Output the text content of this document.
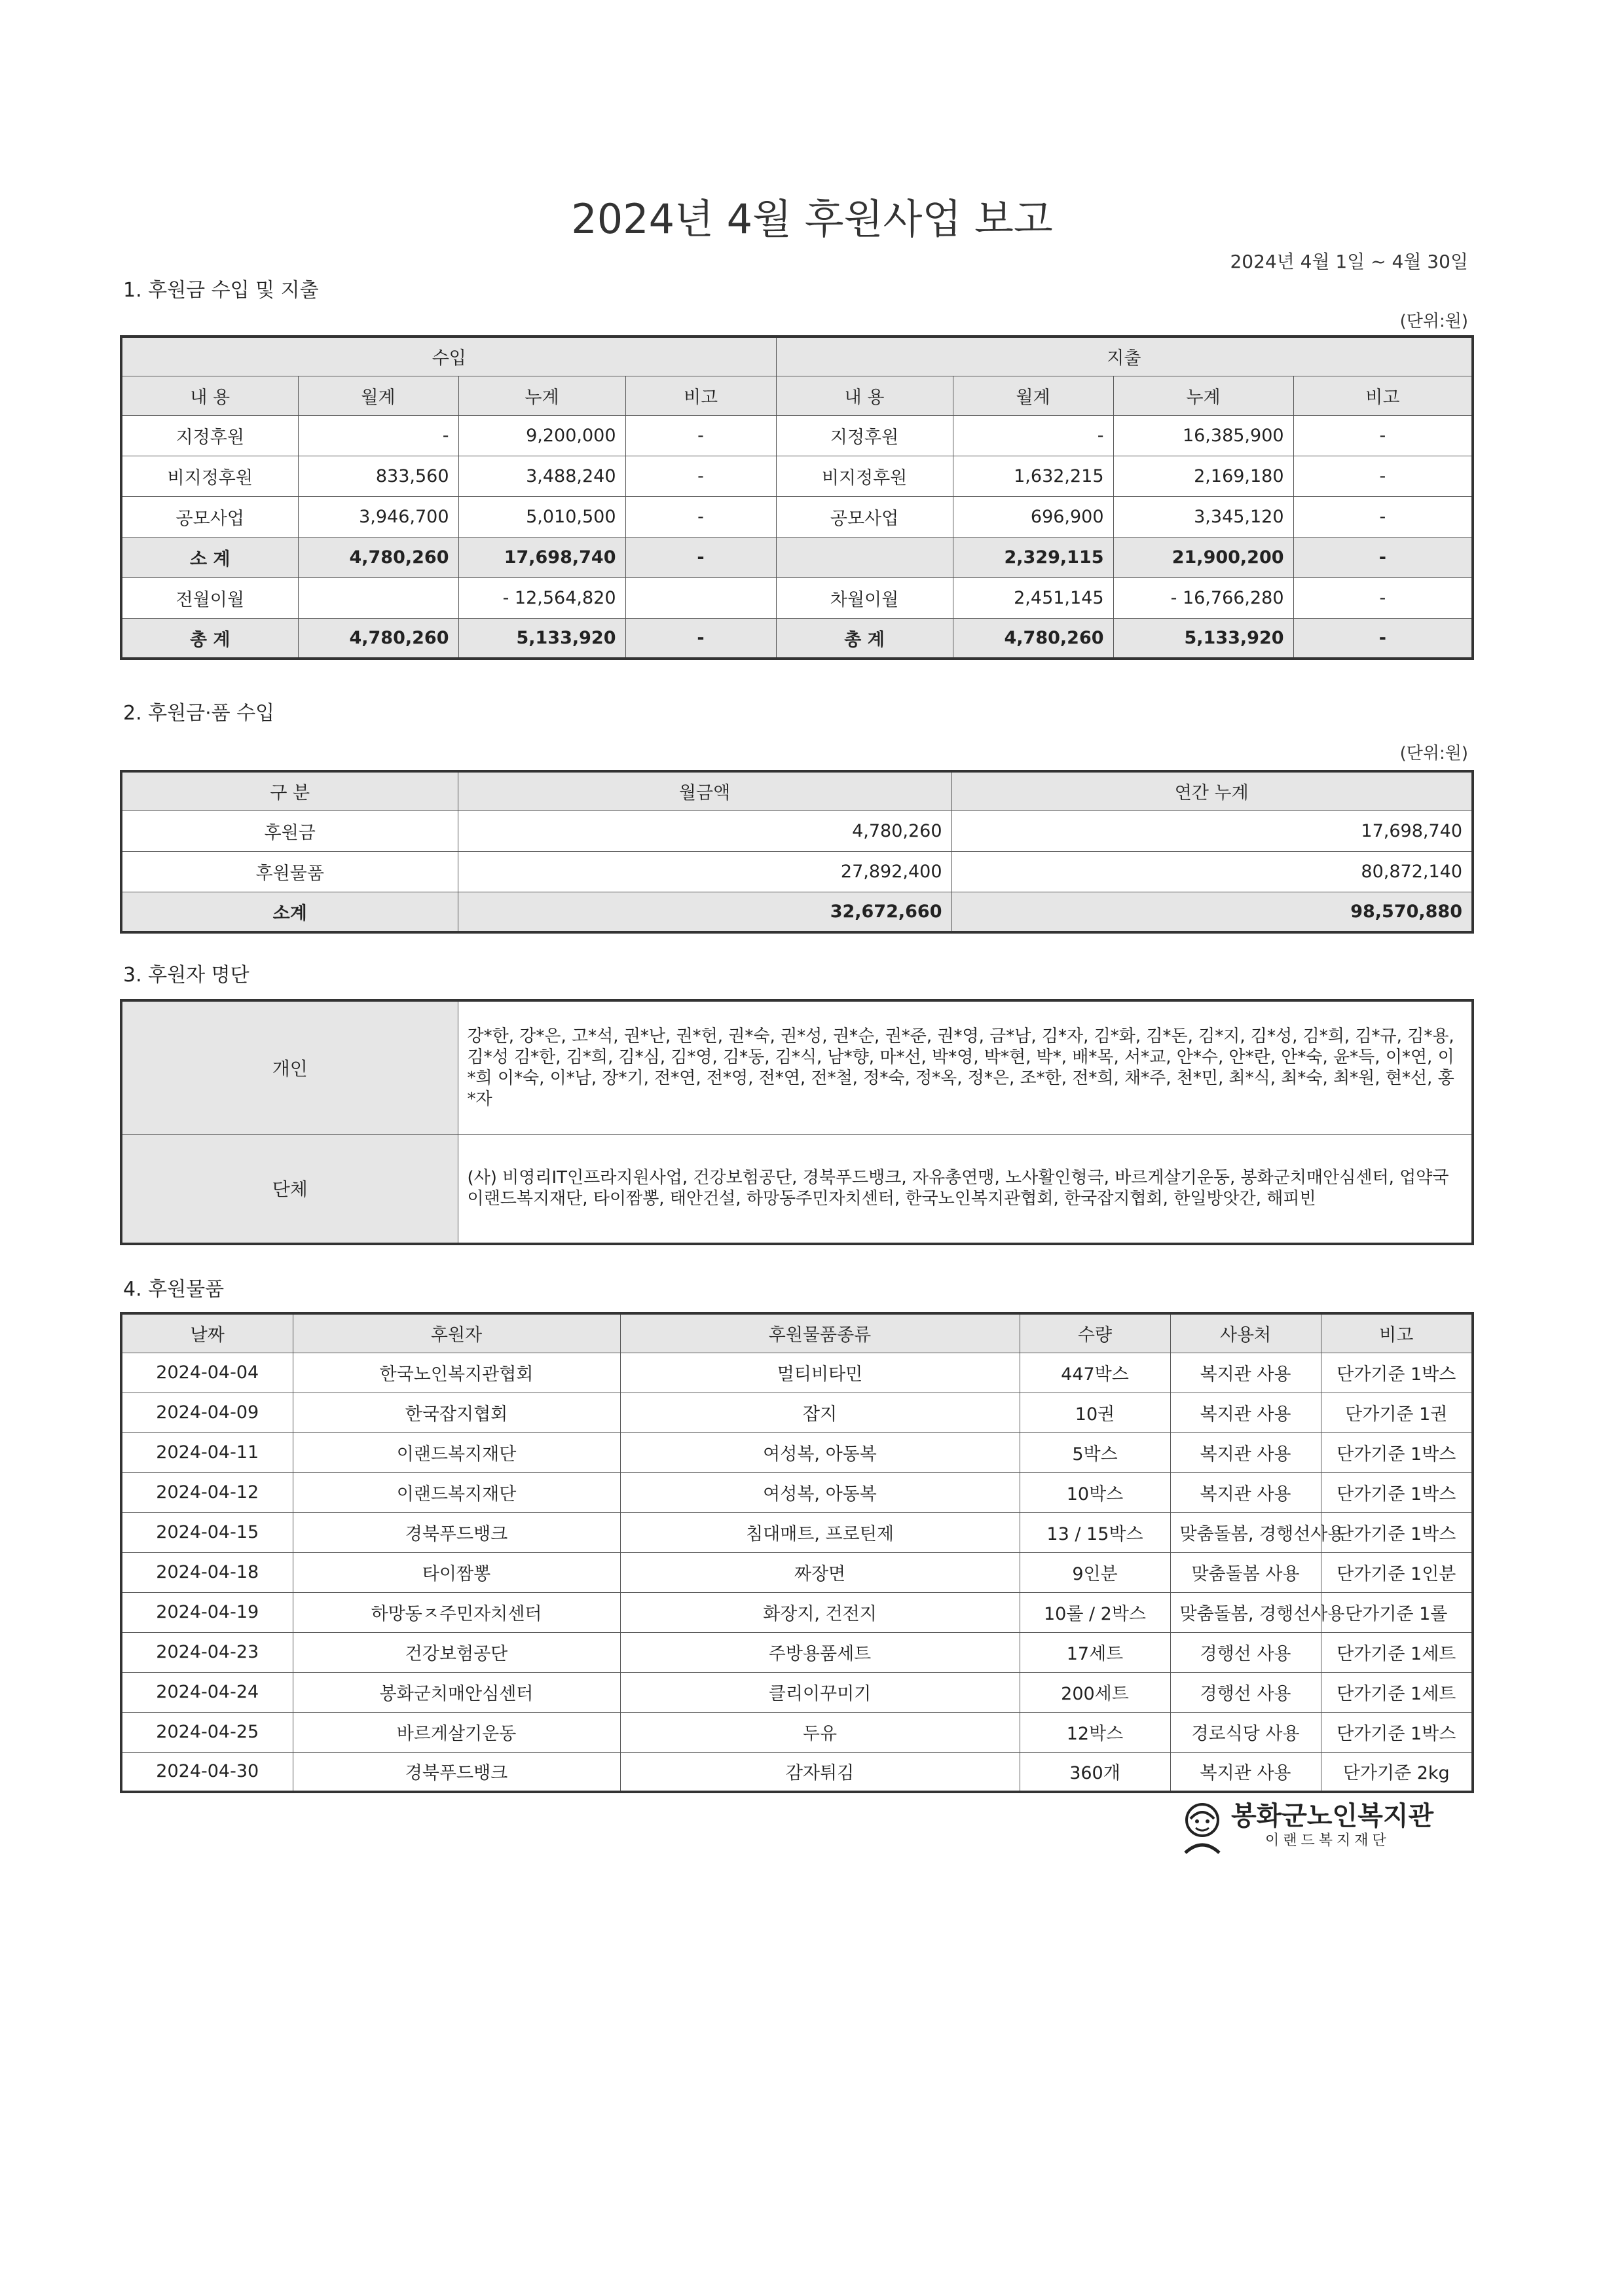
2024년 4월 후원사업 보고
2024년 4월 1일 ~ 4월 30일
1. 후원금 수입 및 지출
(단위:원)
수입				지출			
내 용	월계	누계	비고	내 용	월계	누계	비고
지정후원	-	9,200,000	-	지정후원	-	16,385,900	-
비지정후원	833,560	3,488,240	-	비지정후원	1,632,215	2,169,180	-
공모사업	3,946,700	5,010,500	-	공모사업	696,900	3,345,120	-
소 계	4,780,260	17,698,740	-		2,329,115	21,900,200	-
전월이월		- 12,564,820		차월이월	2,451,145	- 16,766,280	-
총 계	4,780,260	5,133,920	-	총 계	4,780,260	5,133,920	-
2. 후원금·품 수입
(단위:원)
구 분	월금액	연간 누계
후원금	4,780,260	17,698,740
후원물품	27,892,400	80,872,140
소계	32,672,660	98,570,880
3. 후원자 명단
개인	강*한, 강*은, 고*석, 권*난, 권*헌, 권*숙, 권*성, 권*순, 권*준, 권*영, 금*남, 김*자, 김*화, 김*돈, 김*지, 김*성, 김*희, 김*규, 김*용, 김*성 김*한, 김*희, 김*심, 김*영, 김*동, 김*식, 남*향, 마*선, 박*영, 박*현, 박*, 배*목, 서*교, 안*수, 안*란, 안*숙, 윤*득, 이*연, 이*희 이*숙, 이*남, 장*기, 전*연, 전*영, 전*연, 전*철, 정*숙, 정*옥, 정*은, 조*한, 전*희, 채*주, 천*민, 최*식, 최*숙, 최*원, 현*선, 홍*자
단체	(사) 비영리IT인프라지원사업, 건강보험공단, 경북푸드뱅크, 자유총연맹, 노사활인형극, 바르게살기운동, 봉화군치매안심센터, 업약국 이랜드복지재단, 타이짬뽕, 태안건설, 하망동주민자치센터, 한국노인복지관협회, 한국잡지협회, 한일방앗간, 해피빈
4. 후원물품
날짜	후원자	후원물품종류	수량	사용처	비고
2024-04-04	한국노인복지관협회	멀티비타민	447박스	복지관 사용	단가기준 1박스
2024-04-09	한국잡지협회	잡지	10권	복지관 사용	단가기준 1권
2024-04-11	이랜드복지재단	여성복, 아동복	5박스	복지관 사용	단가기준 1박스
2024-04-12	이랜드복지재단	여성복, 아동복	10박스	복지관 사용	단가기준 1박스
2024-04-15	경북푸드뱅크	침대매트, 프로틴제	13 / 15박스	맞춤돌봄, 경행선사용	단가기준 1박스
2024-04-18	타이짬뽕	짜장면	9인분	맞춤돌봄 사용	단가기준 1인분
2024-04-19	하망동ㅈ주민자치센터	화장지, 건전지	10롤 / 2박스	맞춤돌봄, 경행선사용	단가기준 1롤
2024-04-23	건강보험공단	주방용품세트	17세트	경행선 사용	단가기준 1세트
2024-04-24	봉화군치매안심센터	클리이꾸미기	200세트	경행선 사용	단가기준 1세트
2024-04-25	바르게살기운동	두유	12박스	경로식당 사용	단가기준 1박스
2024-04-30	경북푸드뱅크	감자튀김	360개	복지관 사용	단가기준 2kg
봉화군노인복지관
이랜드복지재단
